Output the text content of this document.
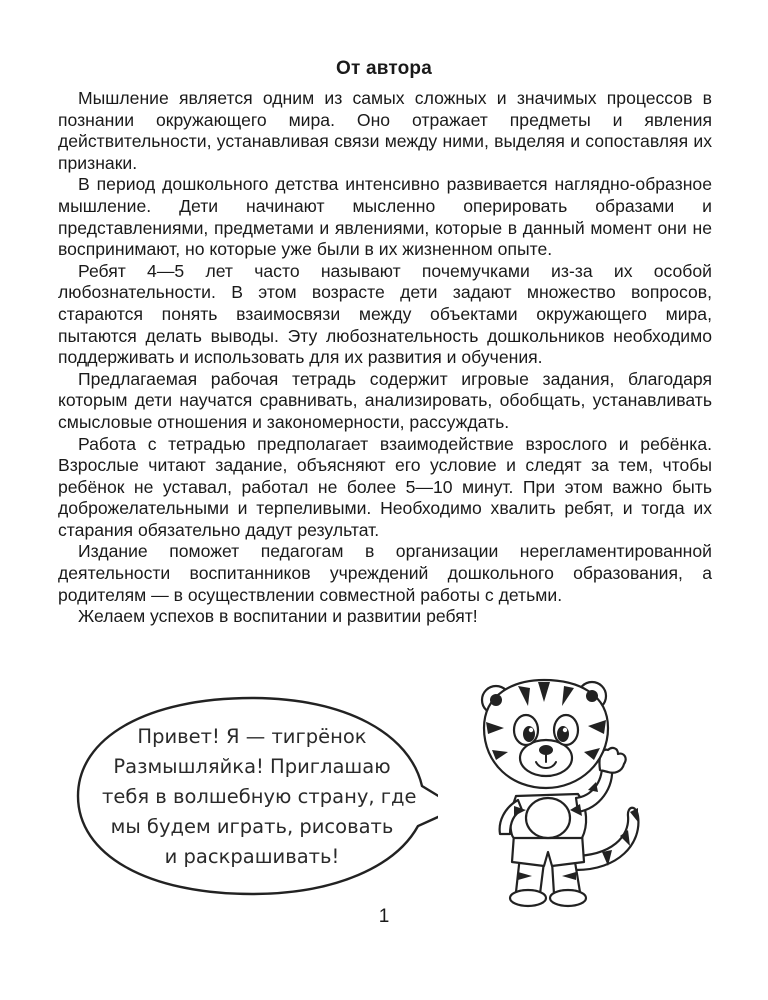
От автора

Мышление является одним из самых сложных и значимых процессов в познании окружающего мира. Оно отражает предметы и явления действительности, устанавливая связи между ними, выделяя и сопоставляя их признаки.

В период дошкольного детства интенсивно развивается наглядно-образное мышление. Дети начинают мысленно оперировать образами и представлениями, предметами и явлениями, которые в данный момент они не воспринимают, но которые уже были в их жизненном опыте.

Ребят 4—5 лет часто называют почемучками из-за их особой любознательности. В этом возрасте дети задают множество вопросов, стараются понять взаимосвязи между объектами окружающего мира, пытаются делать выводы. Эту любознательность дошкольников необходимо поддерживать и использовать для их развития и обучения.

Предлагаемая рабочая тетрадь содержит игровые задания, благодаря которым дети научатся сравнивать, анализировать, обобщать, устанавливать смысловые отношения и закономерности, рассуждать.

Работа с тетрадью предполагает взаимодействие взрослого и ребёнка. Взрослые читают задание, объясняют его условие и следят за тем, чтобы ребёнок не уставал, работал не более 5—10 минут. При этом важно быть доброжелательными и терпеливыми. Необходимо хвалить ребят, и тогда их старания обязательно дадут результат.

Издание поможет педагогам в организации нерегламентированной деятельности воспитанников учреждений дошкольного образования, а родителям — в осуществлении совместной работы с детьми.

Желаем успехов в воспитании и развитии ребят!

Привет! Я — тигрёнок
Размышляйка! Приглашаю
тебя в волшебную страну, где
мы будем играть, рисовать
и раскрашивать!
1
